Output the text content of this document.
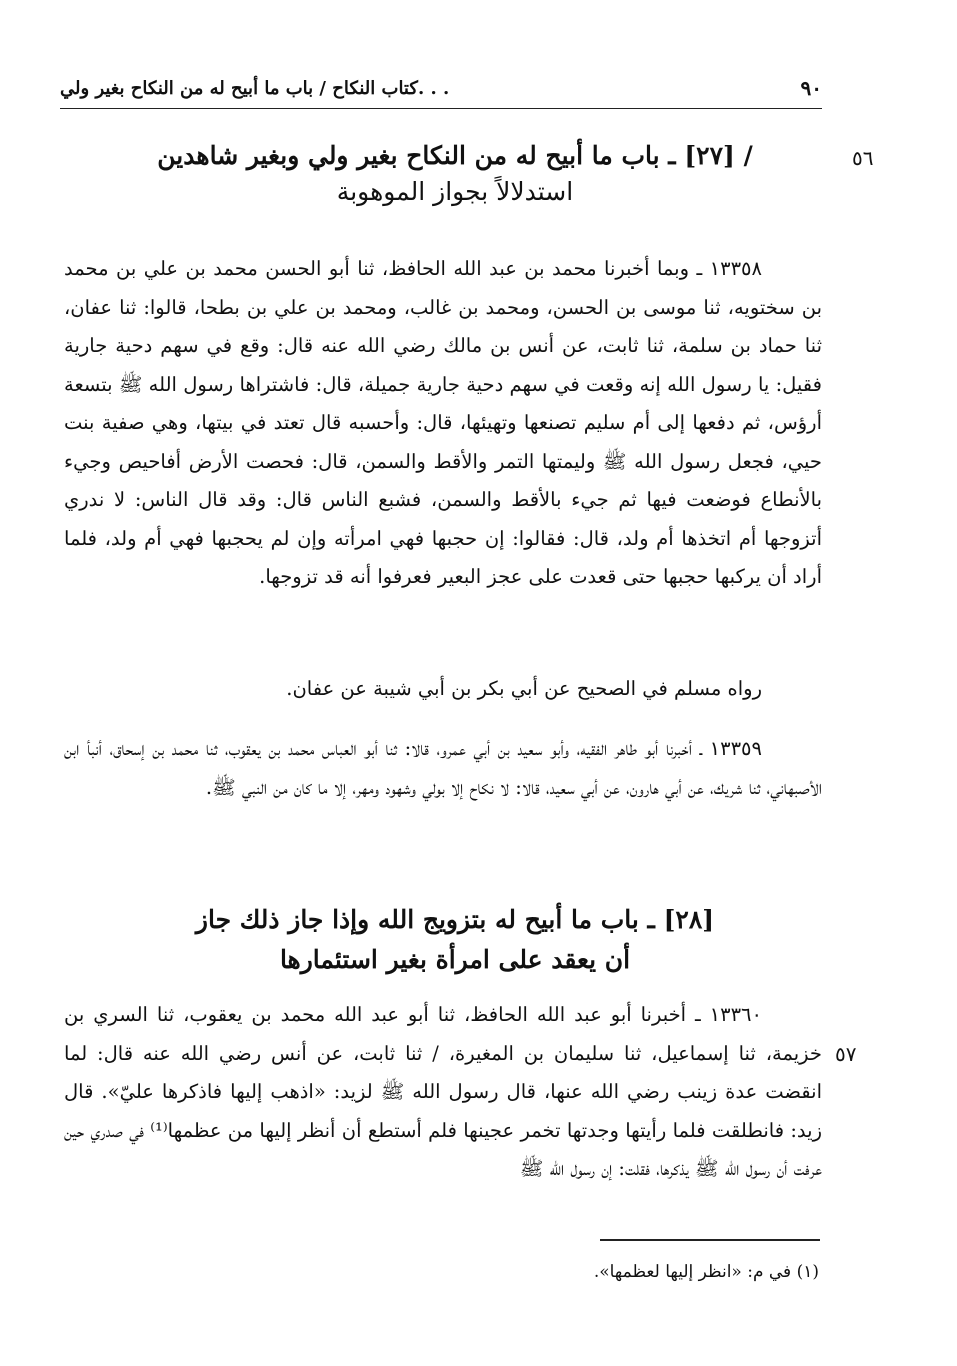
٩٠
كتاب النكاح / باب ما أبيح له من النكاح بغير ولي. . .
٥٦
/ [٢٧] ـ باب ما أبيح له من النكاح بغير ولي وبغير شاهدين
استدلالاً بجواز الموهوبة
١٣٣٥٨ ـ وبما أخبرنا محمد بن عبد الله الحافظ، ثنا أبو الحسن محمد بن علي بن محمد بن سختويه، ثنا موسى بن الحسن، ومحمد بن غالب، ومحمد بن علي بن بطحا، قالوا: ثنا عفان، ثنا حماد بن سلمة، ثنا ثابت، عن أنس بن مالك رضي الله عنه قال: وقع في سهم دحية جارية فقيل: يا رسول الله إنه وقعت في سهم دحية جارية جميلة، قال: فاشتراها رسول الله ﷺ بتسعة أرؤس، ثم دفعها إلى أم سليم تصنعها وتهيئها، قال: وأحسبه قال تعتد في بيتها، وهي صفية بنت حيي، فجعل رسول الله ﷺ وليمتها التمر والأقط والسمن، قال: فحصت الأرض أفاحيص وجيء بالأنطاع فوضعت فيها ثم جيء بالأقط والسمن، فشبع الناس قال: وقد قال الناس: لا ندري أتزوجها أم اتخذها أم ولد، قال: فقالوا: إن حجبها فهي امرأته وإن لم يحجبها فهي أم ولد، فلما أراد أن يركبها حجبها حتى قعدت على عجز البعير فعرفوا أنه قد تزوجها.
رواه مسلم في الصحيح عن أبي بكر بن أبي شيبة عن عفان.
١٣٣٥٩ ـ أخبرنا أبو طاهر الفقيه، وأبو سعيد بن أبي عمرو، قالا: ثنا أبو العباس محمد بن يعقوب، ثنا محمد بن إسحاق، أنبأ ابن الأصبهاني، ثنا شريك، عن أبي هارون، عن أبي سعيد، قالا: لا نكاح إلا بولي وشهود ومهر، إلا ما كان من النبي ﷺ.
[٢٨] ـ باب ما أبيح له بتزويج الله وإذا جاز ذلك جاز
أن يعقد على امرأة بغير استئمارها
٥٧
١٣٣٦٠ ـ أخبرنا أبو عبد الله الحافظ، ثنا أبو عبد الله محمد بن يعقوب، ثنا السري بن خزيمة، ثنا إسماعيل، ثنا سليمان بن المغيرة، / ثنا ثابت، عن أنس رضي الله عنه قال: لما انقضت عدة زينب رضي الله عنها، قال رسول الله ﷺ لزيد: «اذهب إليها فاذكرها عليّ». قال زيد: فانطلقت فلما رأيتها وجدتها تخمر عجينها فلم أستطع أن أنظر إليها من عظمها⁽¹⁾ في صدري حين عرفت أن رسول الله ﷺ يذكرها، فقلت: إن رسول الله ﷺ
(١) في م: «انظر إليها لعظمها».
